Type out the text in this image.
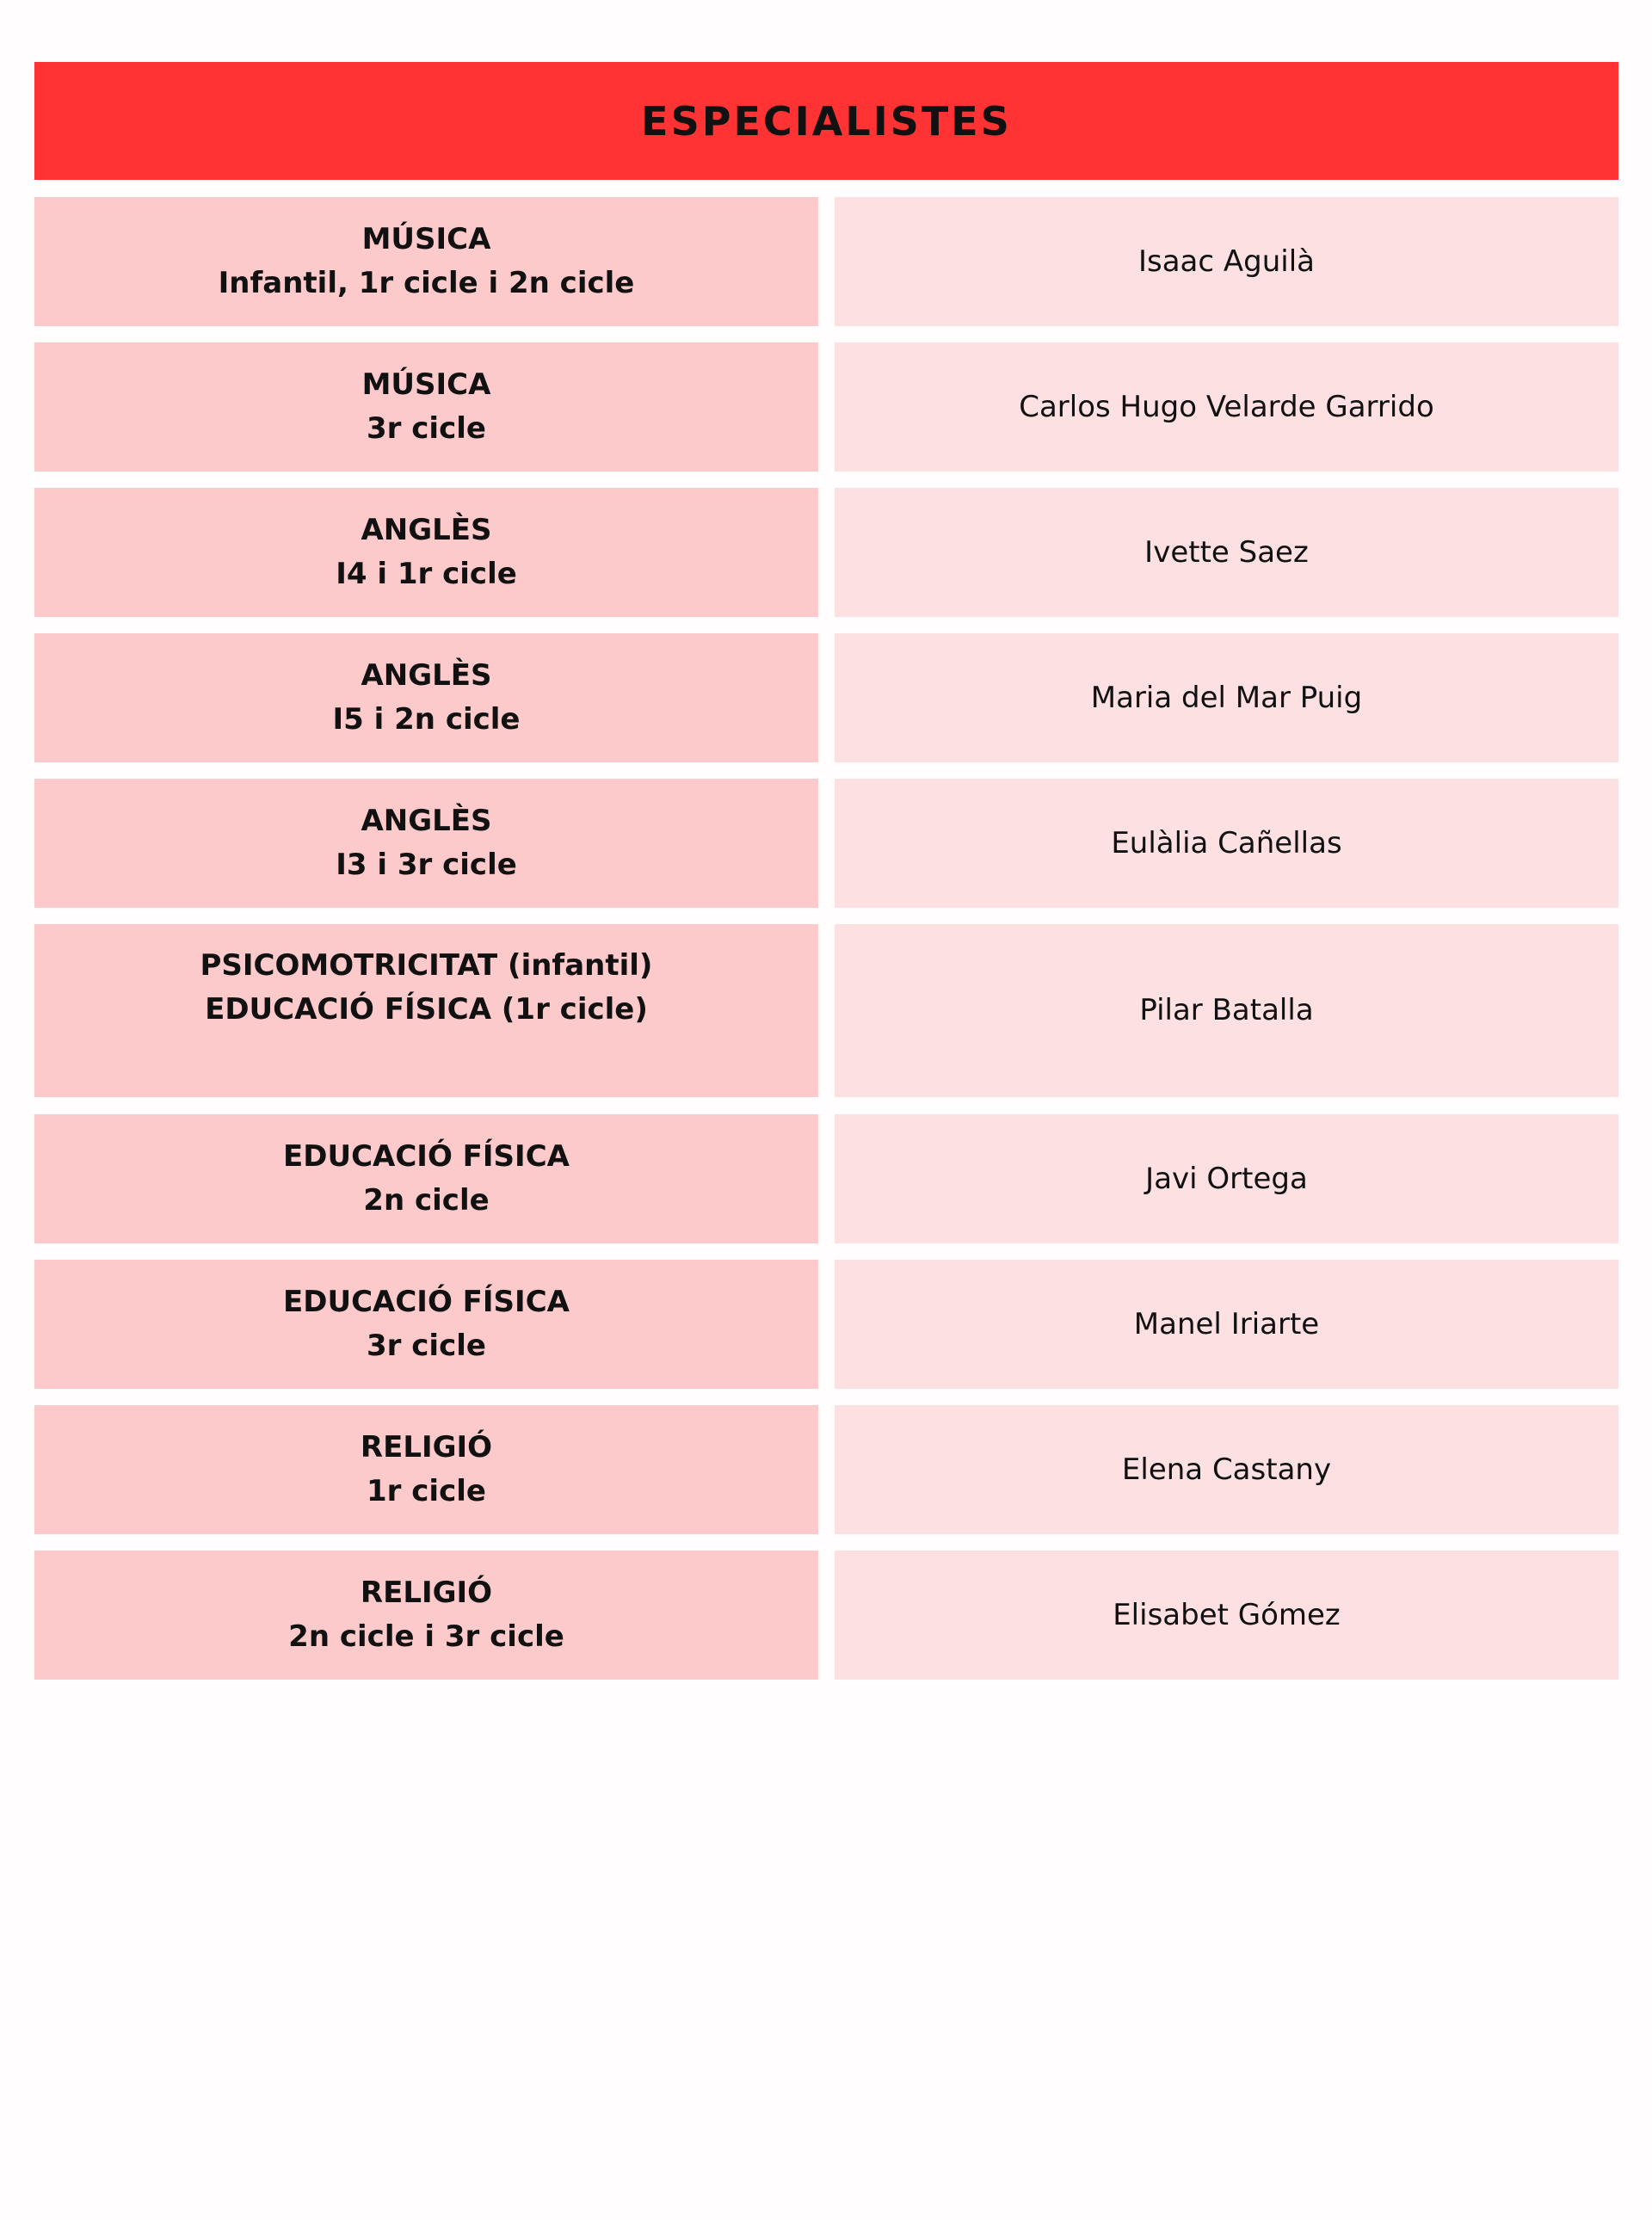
ESPECIALISTES
MÚSICA
Infantil, 1r cicle i 2n cicle
Isaac Aguilà
MÚSICA
3r cicle
Carlos Hugo Velarde Garrido
ANGLÈS
I4 i 1r cicle
Ivette Saez
ANGLÈS
I5 i 2n cicle
Maria del Mar Puig
ANGLÈS
I3 i 3r cicle
Eulàlia Cañellas
PSICOMOTRICITAT (infantil)
EDUCACIÓ FÍSICA (1r cicle)	Pilar Batalla
EDUCACIÓ FÍSICA
2n cicle
Javi Ortega
EDUCACIÓ FÍSICA
3r cicle
Manel Iriarte
RELIGIÓ
1r cicle
Elena Castany
RELIGIÓ
2n cicle i 3r cicle
Elisabet Gómez
